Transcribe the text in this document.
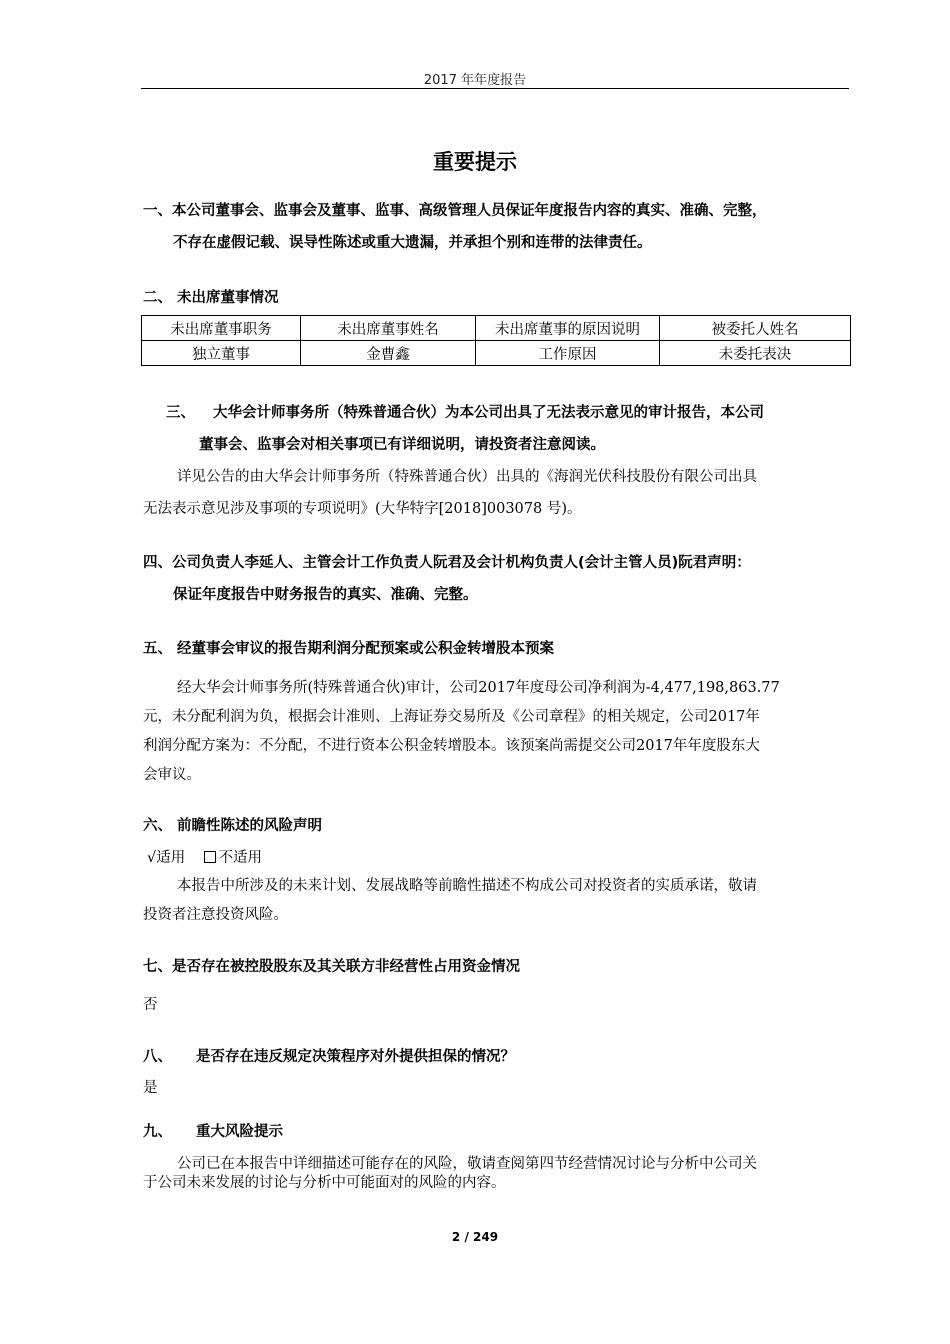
2017 年年度报告
重要提示
一、本公司董事会、监事会及董事、监事、高级管理人员保证年度报告内容的真实、准确、完整，
不存在虚假记载、误导性陈述或重大遗漏，并承担个别和连带的法律责任。
二、 未出席董事情况
未出席董事职务	未出席董事姓名	未出席董事的原因说明	被委托人姓名
独立董事	金曹鑫	工作原因	未委托表决
三、 大华会计师事务所（特殊普通合伙）为本公司出具了无法表示意见的审计报告，本公司
董事会、监事会对相关事项已有详细说明，请投资者注意阅读。
详见公告的由大华会计师事务所（特殊普通合伙）出具的《海润光伏科技股份有限公司出具
无法表示意见涉及事项的专项说明》(大华特字[2018]003078 号)。
四、公司负责人李延人、主管会计工作负责人阮君及会计机构负责人(会计主管人员)阮君声明：
保证年度报告中财务报告的真实、准确、完整。
五、 经董事会审议的报告期利润分配预案或公积金转增股本预案
经大华会计师事务所(特殊普通合伙)审计，公司2017年度母公司净利润为-4,477,198,863.77
元，未分配利润为负，根据会计准则、上海证券交易所及《公司章程》的相关规定，公司2017年
利润分配方案为：不分配，不进行资本公积金转增股本。该预案尚需提交公司2017年年度股东大
会审议。
六、 前瞻性陈述的风险声明
√适用 不适用
本报告中所涉及的未来计划、发展战略等前瞻性描述不构成公司对投资者的实质承诺，敬请
投资者注意投资风险。
七、是否存在被控股股东及其关联方非经营性占用资金情况
否
八、 是否存在违反规定决策程序对外提供担保的情况？
是
九、 重大风险提示
公司已在本报告中详细描述可能存在的风险，敬请查阅第四节经营情况讨论与分析中公司关
于公司未来发展的讨论与分析中可能面对的风险的内容。
2 / 249
